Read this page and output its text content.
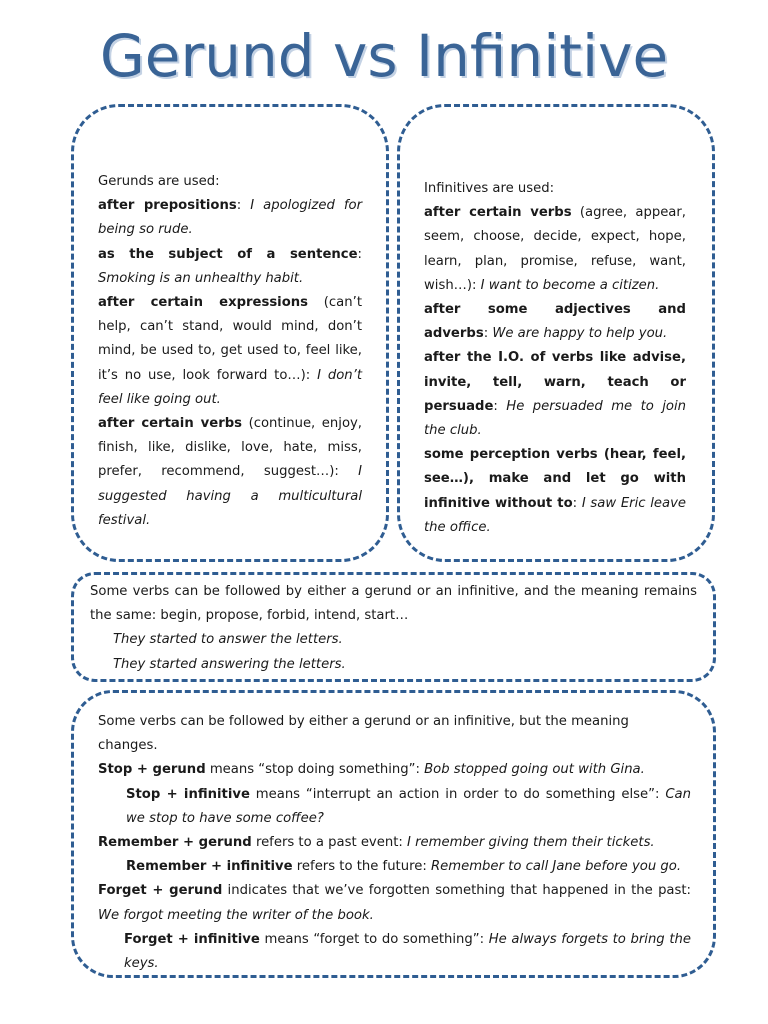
Gerund vs Infinitive

Gerunds are used:

after prepositions: I apologized for being so rude.

as the subject of a sentence: Smoking is an unhealthy habit.

after certain expressions (can’t help, can’t stand, would mind, don’t mind, be used to, get used to, feel like, it’s no use, look forward to…): I don’t feel like going out.

after certain verbs (continue, enjoy, finish, like, dislike, love, hate, miss, prefer, recommend, suggest…): I suggested having a multicultural festival.

Infinitives are used:

after certain verbs (agree, appear, seem, choose, decide, expect, hope, learn, plan, promise, refuse, want, wish…): I want to become a citizen.

after some adjectives and adverbs: We are happy to help you.

after the I.O. of verbs like advise, invite, tell, warn, teach or persuade: He persuaded me to join the club.

some perception verbs (hear, feel, see…), make and let go with infinitive without to: I saw Eric leave the office.

Some verbs can be followed by either a gerund or an infinitive, and the meaning remains the same: begin, propose, forbid, intend, start…

They started to answer the letters.

They started answering the letters.

Some verbs can be followed by either a gerund or an infinitive, but the meaning changes.

Stop + gerund means “stop doing something”: Bob stopped going out with Gina.

Stop + infinitive means “interrupt an action in order to do something else”: Can we stop to have some coffee?

Remember + gerund refers to a past event: I remember giving them their tickets.

Remember + infinitive refers to the future: Remember to call Jane before you go.

Forget + gerund indicates that we’ve forgotten something that happened in the past: We forgot meeting the writer of the book.

Forget + infinitive means “forget to do something”: He always forgets to bring the keys.
